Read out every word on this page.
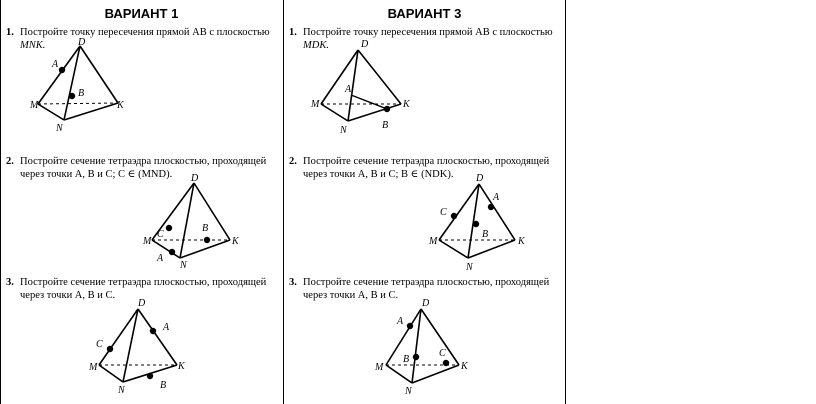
ВАРИАНТ 1
1. Постройте точку пересечения прямой AB с плоскостью
MNK.	D
A
B
M
N
K
2. Постройте сечение тетраэдра плоскостью, проходящей
через точки A, B и C; C ∈ (MND).	D
C
B
M
A
N
K
3. Постройте сечение тетраэдра плоскостью, проходящей
через точки A, B и C.
D
A
C
M	K
B
N
ВАРИАНТ 3
1. Постройте точку пересечения прямой AB с плоскостью
MDK.	D
A
M	K
B
N
2. Постройте сечение тетраэдра плоскостью, проходящей
через точки A, B и C; B ∈ (NDK).	D
A
C
B
M	K
N
3. Постройте сечение тетраэдра плоскостью, проходящей
через точки A, B и C.
D
A
B
C
M	K
N
